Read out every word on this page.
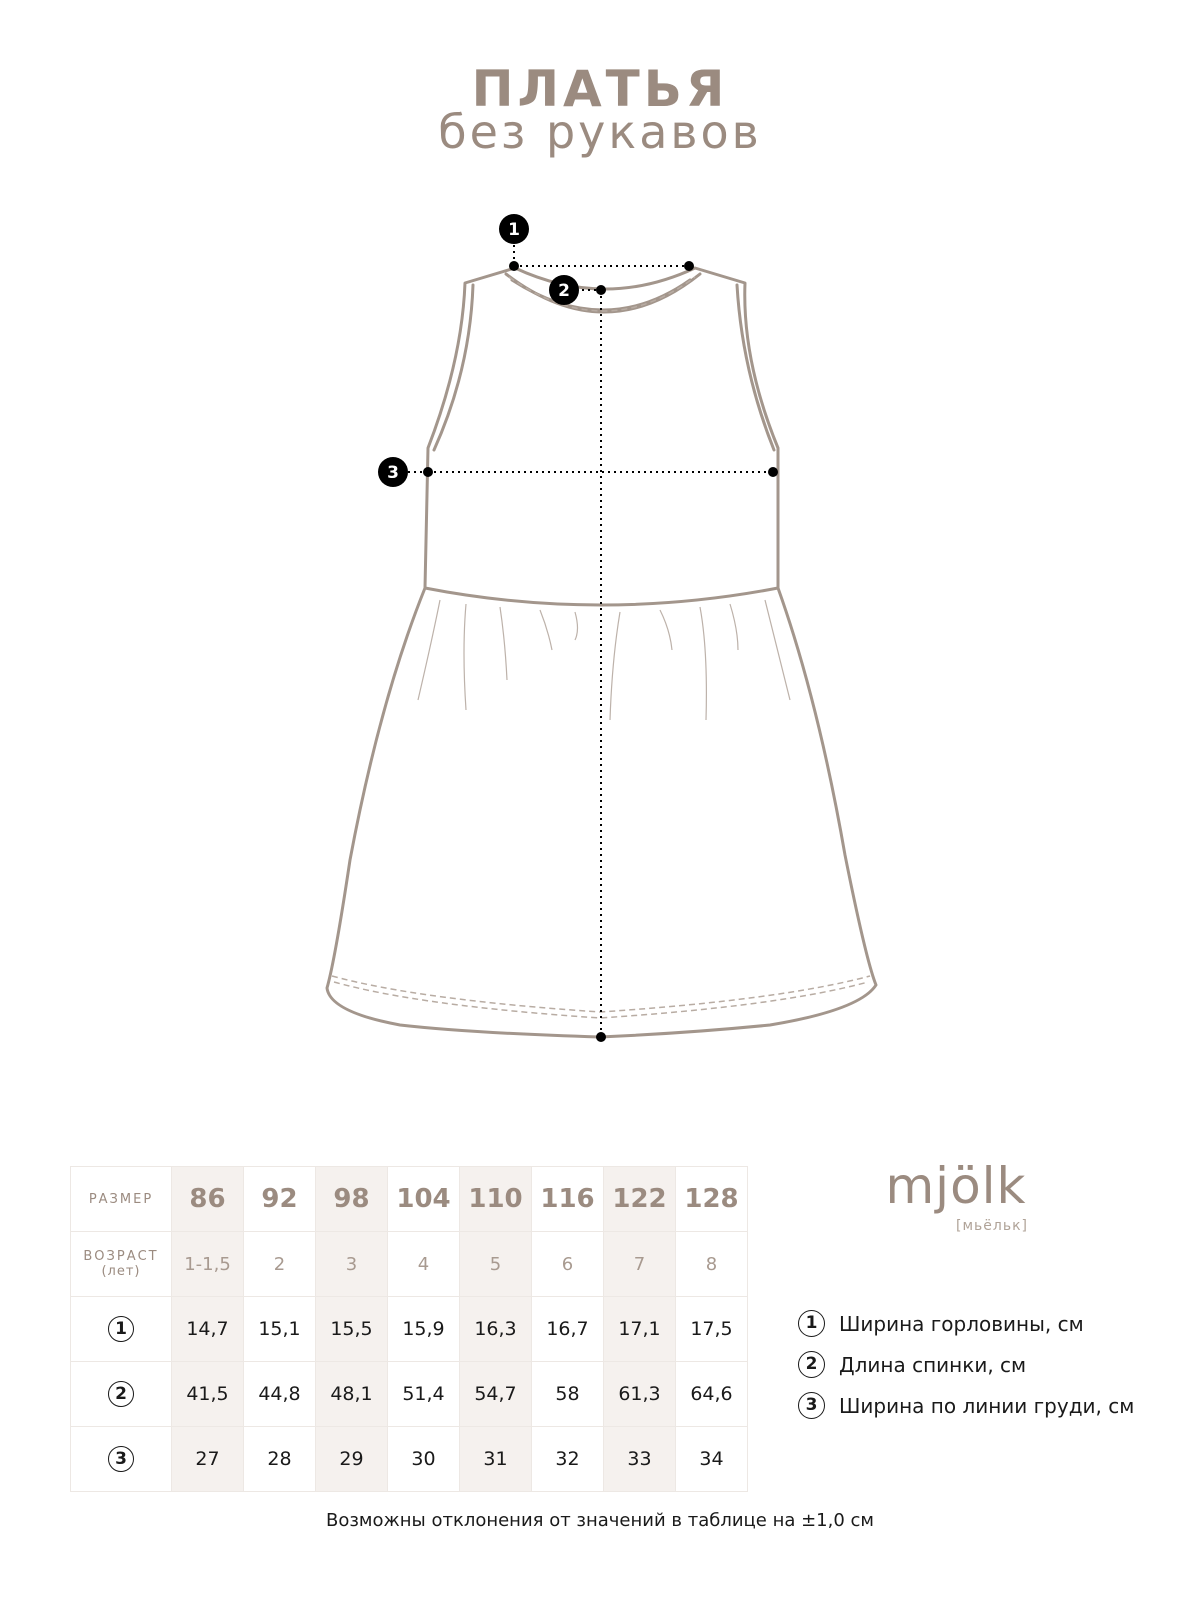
ПЛАТЬЯ
без рукавов
1
2
3
РАЗМЕР	86	92	98	104	110	116	122	128

ВОЗРАСТ
(лет)	1-1,5	2	3	4	5	6	7	8
1	14,7	15,1	15,5	15,9	16,3	16,7	17,1	17,5
2	41,5	44,8	48,1	51,4	54,7	58	61,3	64,6
3	27	28	29	30	31	32	33	34
mjölk
[мьёльк]
1	Ширина горловины, см
2	Длина спинки, см
3	Ширина по линии груди, см
Возможны отклонения от значений в таблице на ±1,0 см
